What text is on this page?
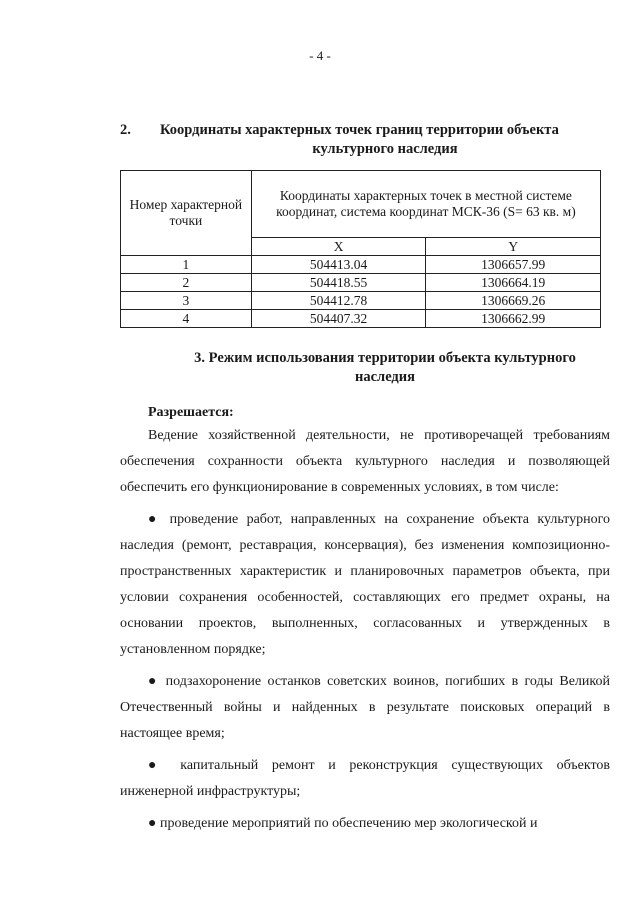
- 4 -
2.	Координаты характерных точек границ территории объекта
культурного наследия
Номер характерной точки	Координаты характерных точек в местной системе координат, система координат МСК-36 (S= 63 кв. м)	
	X	Y
1	504413.04	1306657.99
2	504418.55	1306664.19
3	504412.78	1306669.26
4	504407.32	1306662.99
3. Режим использования территории объекта культурного
наследия
Разрешается:

Ведение хозяйственной деятельности, не противоречащей требованиям обеспечения сохранности объекта культурного наследия и позволяющей обеспечить его функционирование в современных условиях, в том числе:

● проведение работ, направленных на сохранение объекта культурного наследия (ремонт, реставрация, консервация), без изменения композиционно-пространственных характеристик и планировочных параметров объекта, при условии сохранения особенностей, составляющих его предмет охраны, на основании проектов, выполненных, согласованных и утвержденных в установленном порядке;

● подзахоронение останков советских воинов, погибших в годы Великой Отечественный войны и найденных в результате поисковых операций в настоящее время;

● капитальный ремонт и реконструкция существующих объектов инженерной инфраструктуры;

● проведение мероприятий по обеспечению мер экологической и
